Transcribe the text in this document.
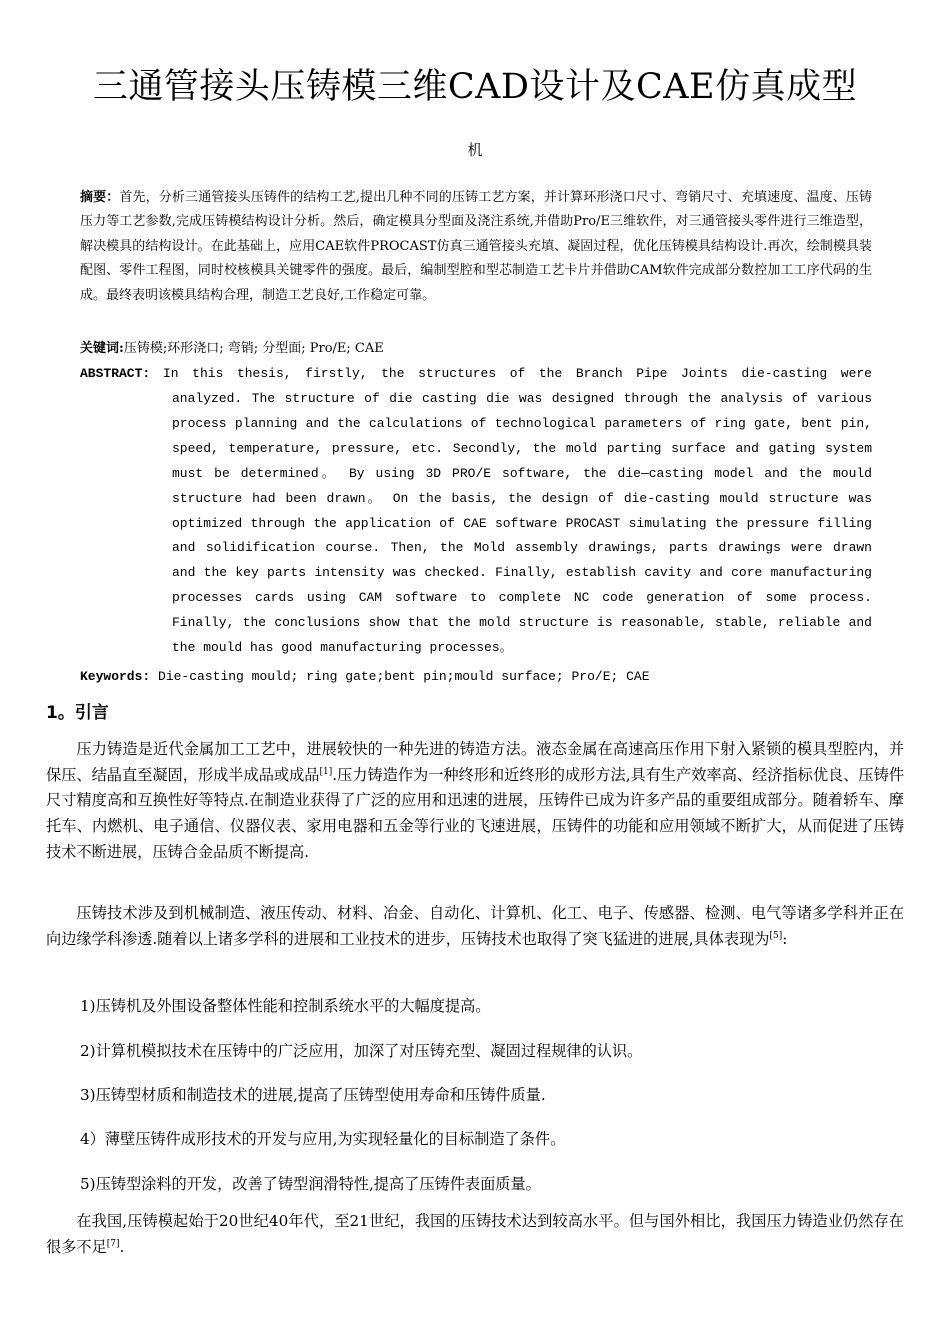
三通管接头压铸模三维CAD设计及CAE仿真成型
机

摘要：首先，分析三通管接头压铸件的结构工艺,提出几种不同的压铸工艺方案，并计算环形浇口尺寸、弯销尺寸、充填速度、温度、压铸压力等工艺参数,完成压铸模结构设计分析。然后，确定模具分型面及浇注系统,并借助Pro/E三维软件，对三通管接头零件进行三维造型，解决模具的结构设计。在此基础上，应用CAE软件PROCAST仿真三通管接头充填、凝固过程，优化压铸模具结构设计.再次，绘制模具装配图、零件工程图，同时校核模具关键零件的强度。最后，编制型腔和型芯制造工艺卡片并借助CAM软件完成部分数控加工工序代码的生成。最终表明该模具结构合理，制造工艺良好,工作稳定可靠。

关键词:压铸模;环形浇口; 弯销; 分型面; Pro/E; CAE

ABSTRACT: In this thesis, firstly, the structures of the Branch Pipe Joints die-casting were

analyzed. The structure of die casting die was designed through the analysis of various process planning and the calculations of technological parameters of ring gate, bent pin, speed, temperature, pressure, etc. Secondly, the mold parting surface and gating system must be determined。 By using 3D PRO/E software, the die—casting model and the mould structure had been drawn。 On the basis, the design of die-casting mould structure was optimized through the application of CAE software PROCAST simulating the pressure filling and solidification course. Then, the Mold assembly drawings, parts drawings were drawn and the key parts intensity was checked. Finally, establish cavity and core manufacturing processes cards using CAM software to complete NC code generation of some process. Finally, the conclusions show that the mold structure is reasonable, stable, reliable and the mould has good manufacturing processes。

Keywords: Die-casting mould; ring gate;bent pin;mould surface; Pro/E; CAE

1。引言

压力铸造是近代金属加工工艺中，进展较快的一种先进的铸造方法。液态金属在高速高压作用下射入紧锁的模具型腔内，并保压、结晶直至凝固，形成半成品或成品[1].压力铸造作为一种终形和近终形的成形方法,具有生产效率高、经济指标优良、压铸件尺寸精度高和互换性好等特点.在制造业获得了广泛的应用和迅速的进展，压铸件已成为许多产品的重要组成部分。随着轿车、摩托车、内燃机、电子通信、仪器仪表、家用电器和五金等行业的飞速进展，压铸件的功能和应用领域不断扩大，从而促进了压铸技术不断进展，压铸合金品质不断提高.

压铸技术涉及到机械制造、液压传动、材料、冶金、自动化、计算机、化工、电子、传感器、检测、电气等诸多学科并正在向边缘学科渗透.随着以上诸多学科的进展和工业技术的进步，压铸技术也取得了突飞猛进的进展,具体表现为[5]:

1)压铸机及外围设备整体性能和控制系统水平的大幅度提高。

2)计算机模拟技术在压铸中的广泛应用，加深了对压铸充型、凝固过程规律的认识。

3)压铸型材质和制造技术的进展,提高了压铸型使用寿命和压铸件质量.

4）薄壁压铸件成形技术的开发与应用,为实现轻量化的目标制造了条件。

5)压铸型涂料的开发，改善了铸型润滑特性,提高了压铸件表面质量。

在我国,压铸模起始于20世纪40年代，至21世纪，我国的压铸技术达到较高水平。但与国外相比，我国压力铸造业仍然存在很多不足[7].
